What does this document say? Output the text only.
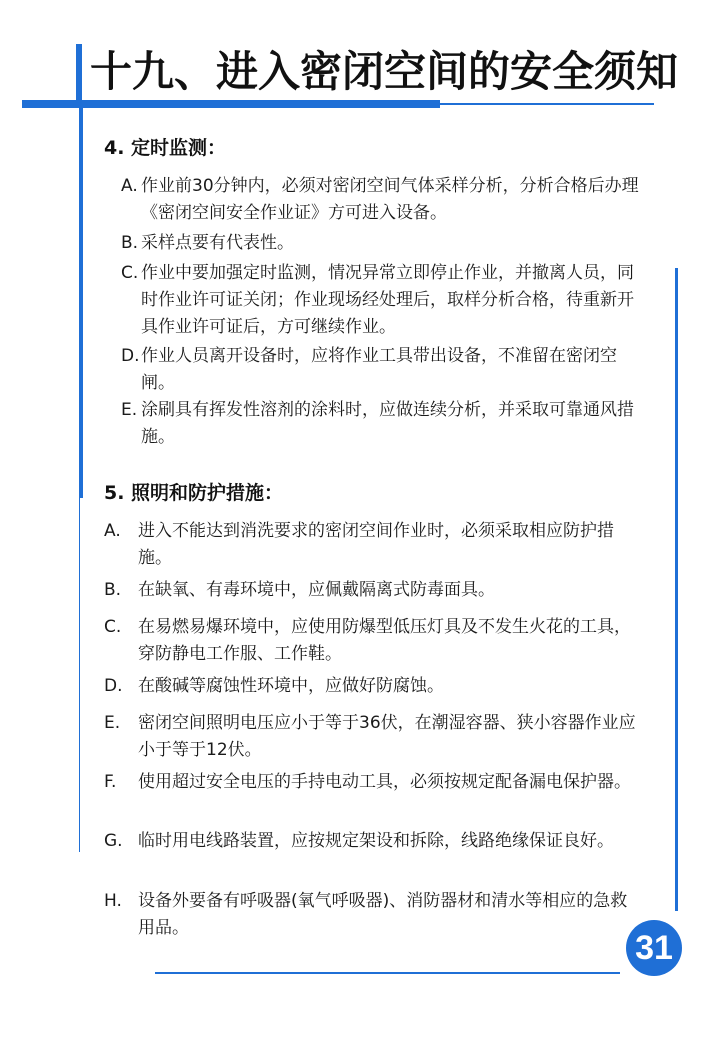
十九、进入密闭空间的安全须知
4. 定时监测：
A. 作业前30分钟内，必须对密闭空间气体采样分析，分析合格后办理《密闭空间安全作业证》方可进入设备。
B. 采样点要有代表性。
C. 作业中要加强定时监测，情况异常立即停止作业，并撤离人员，同时作业许可证关闭；作业现场经处理后，取样分析合格，待重新开具作业许可证后，方可继续作业。
D. 作业人员离开设备时，应将作业工具带出设备，不准留在密闭空闸。
E. 涂刷具有挥发性溶剂的涂料时，应做连续分析，并采取可靠通风措施。
5. 照明和防护措施：
A.	进入不能达到消洗要求的密闭空间作业时，必须采取相应防护措施。
B. 在缺氧、有毒环境中，应佩戴隔离式防毒面具。
C. 在易燃易爆环境中，应使用防爆型低压灯具及不发生火花的工具，穿防静电工作服、工作鞋。
D. 在酸碱等腐蚀性环境中，应做好防腐蚀。
E.	密闭空间照明电压应小于等于36伏，在潮湿容器、狭小容器作业应小于等于12伏。
F.	使用超过安全电压的手持电动工具，必须按规定配备漏电保护器。
G. 临时用电线路装置，应按规定架设和拆除，线路绝缘保证良好。
H. 设备外要备有呼吸器(氧气呼吸器)、消防器材和清水等相应的急救用品。
31
